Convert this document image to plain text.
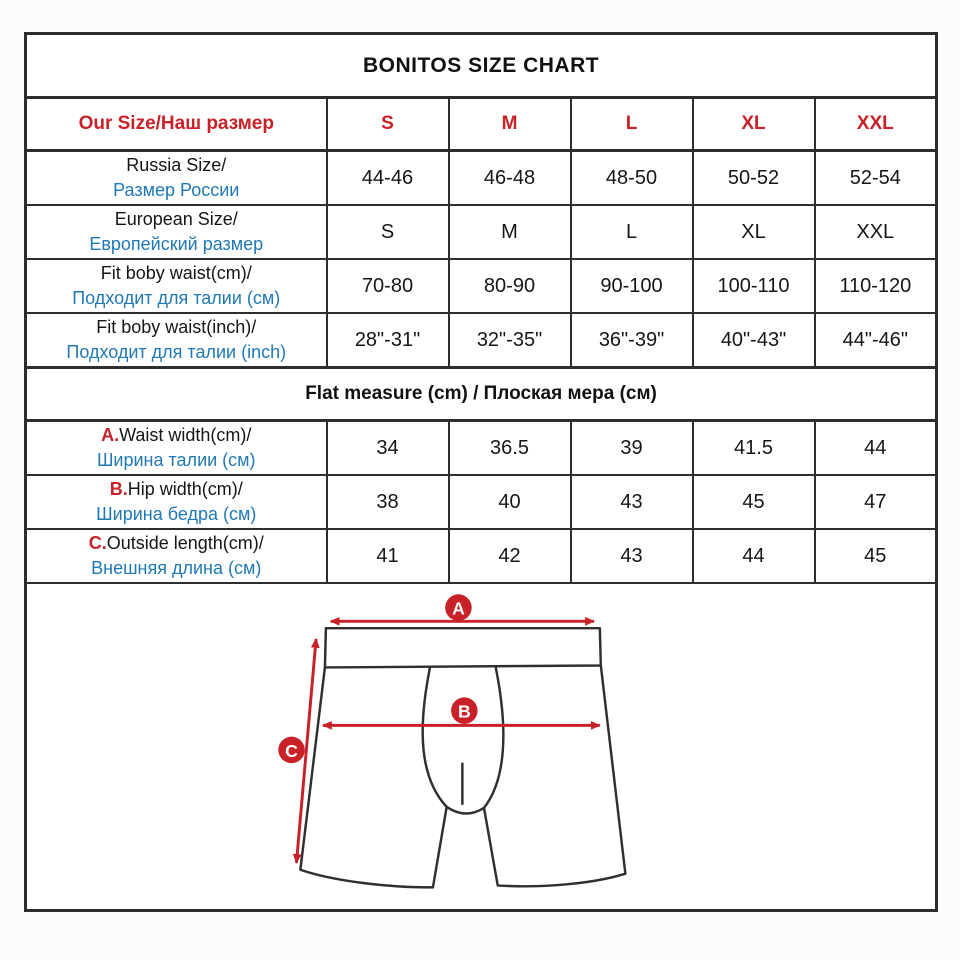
BONITOS SIZE CHART					
Our Size/Наш размер	S	M	L	XL	XXL

Russia Size/
Размер России	44-46	46-48	48-50	50-52	52-54

European Size/
Европейский размер	S	M	L	XL	XXL

Fit boby waist(cm)/
Подходит для талии (см)	70-80	80-90	90-100	100-110	110-120

Fit boby waist(inch)/
Подходит для талии (inch)	28"-31"	32"-35"	36"-39"	40"-43"	44"-46"
Flat measure (cm) / Плоская мера (см)					

A.Waist width(cm)/
Ширина талии (см)	34	36.5	39	41.5	44

B.Hip width(cm)/
Ширина бедра (см)	38	40	43	45	47

C.Outside length(cm)/
Внешняя длина (см)	41	42	43	44	45

A
B
C					
